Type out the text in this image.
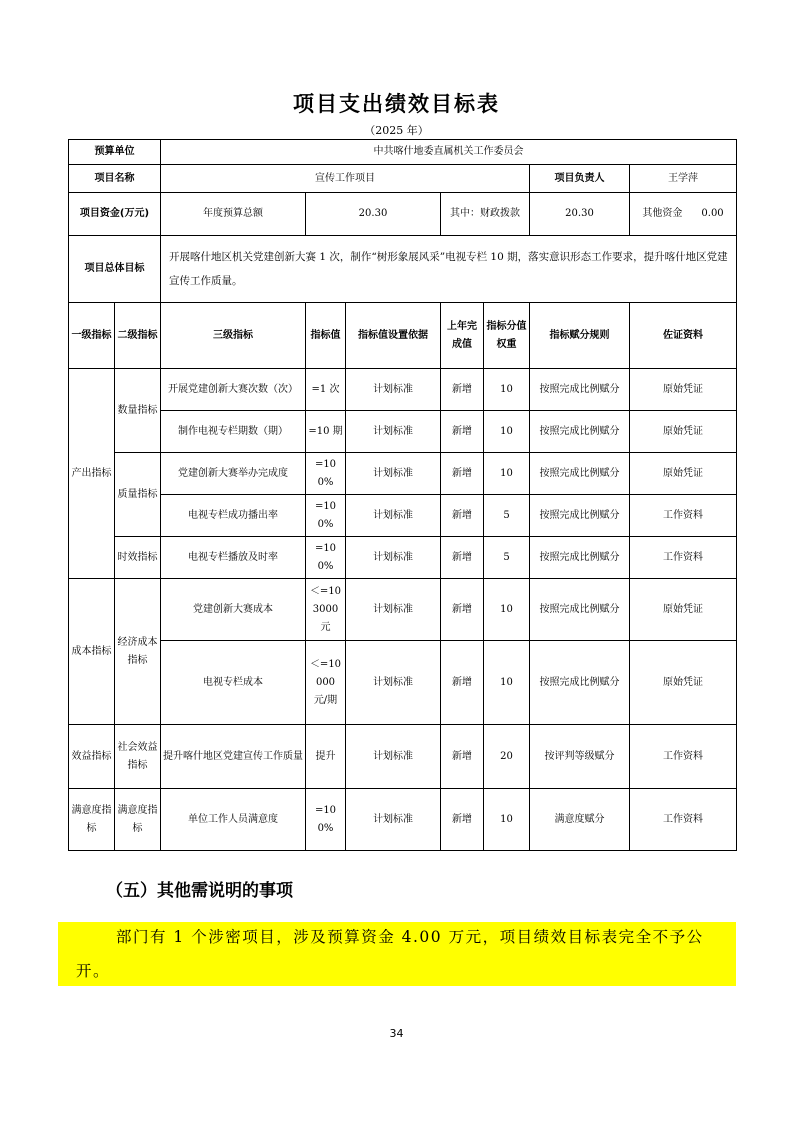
项目支出绩效目标表
（2025 年）
预算单位		中共喀什地委直属机关工作委员会						
项目名称		宣传工作项目					项目负责人	王学萍
项目资金(万元)		年度预算总额	20.30		其中：财政拨款		20.30	其他资金 0.00
项目总体目标		开展喀什地区机关党建创新大赛 1 次，制作“树形象展风采”电视专栏 10 期，落实意识形态工作要求，提升喀什地区党建宣传工作质量。						
一级指标	二级指标	三级指标	指标值	指标值设置依据	上年完成值	指标分值权重	指标赋分规则	佐证资料
产出指标	数量指标	开展党建创新大赛次数（次）	=1 次	计划标准	新增	10	按照完成比例赋分	原始凭证
		制作电视专栏期数（期）	=10 期	计划标准	新增	10	按照完成比例赋分	原始凭证
	质量指标	党建创新大赛举办完成度	=100%	计划标准	新增	10	按照完成比例赋分	原始凭证
		电视专栏成功播出率	=100%	计划标准	新增	5	按照完成比例赋分	工作资料
	时效指标	电视专栏播放及时率	=100%	计划标准	新增	5	按照完成比例赋分	工作资料
成本指标	经济成本指标	党建创新大赛成本	＜=103000 元	计划标准	新增	10	按照完成比例赋分	原始凭证
		电视专栏成本	＜=10000 元/期	计划标准	新增	10	按照完成比例赋分	原始凭证
效益指标	社会效益指标	提升喀什地区党建宣传工作质量	提升	计划标准	新增	20	按评判等级赋分	工作资料
满意度指标	满意度指标	单位工作人员满意度	=100%	计划标准	新增	10	满意度赋分	工作资料
（五）其他需说明的事项
部门有 1 个涉密项目，涉及预算资金 4.00 万元，项目绩效目标表完全不予公开。
34
